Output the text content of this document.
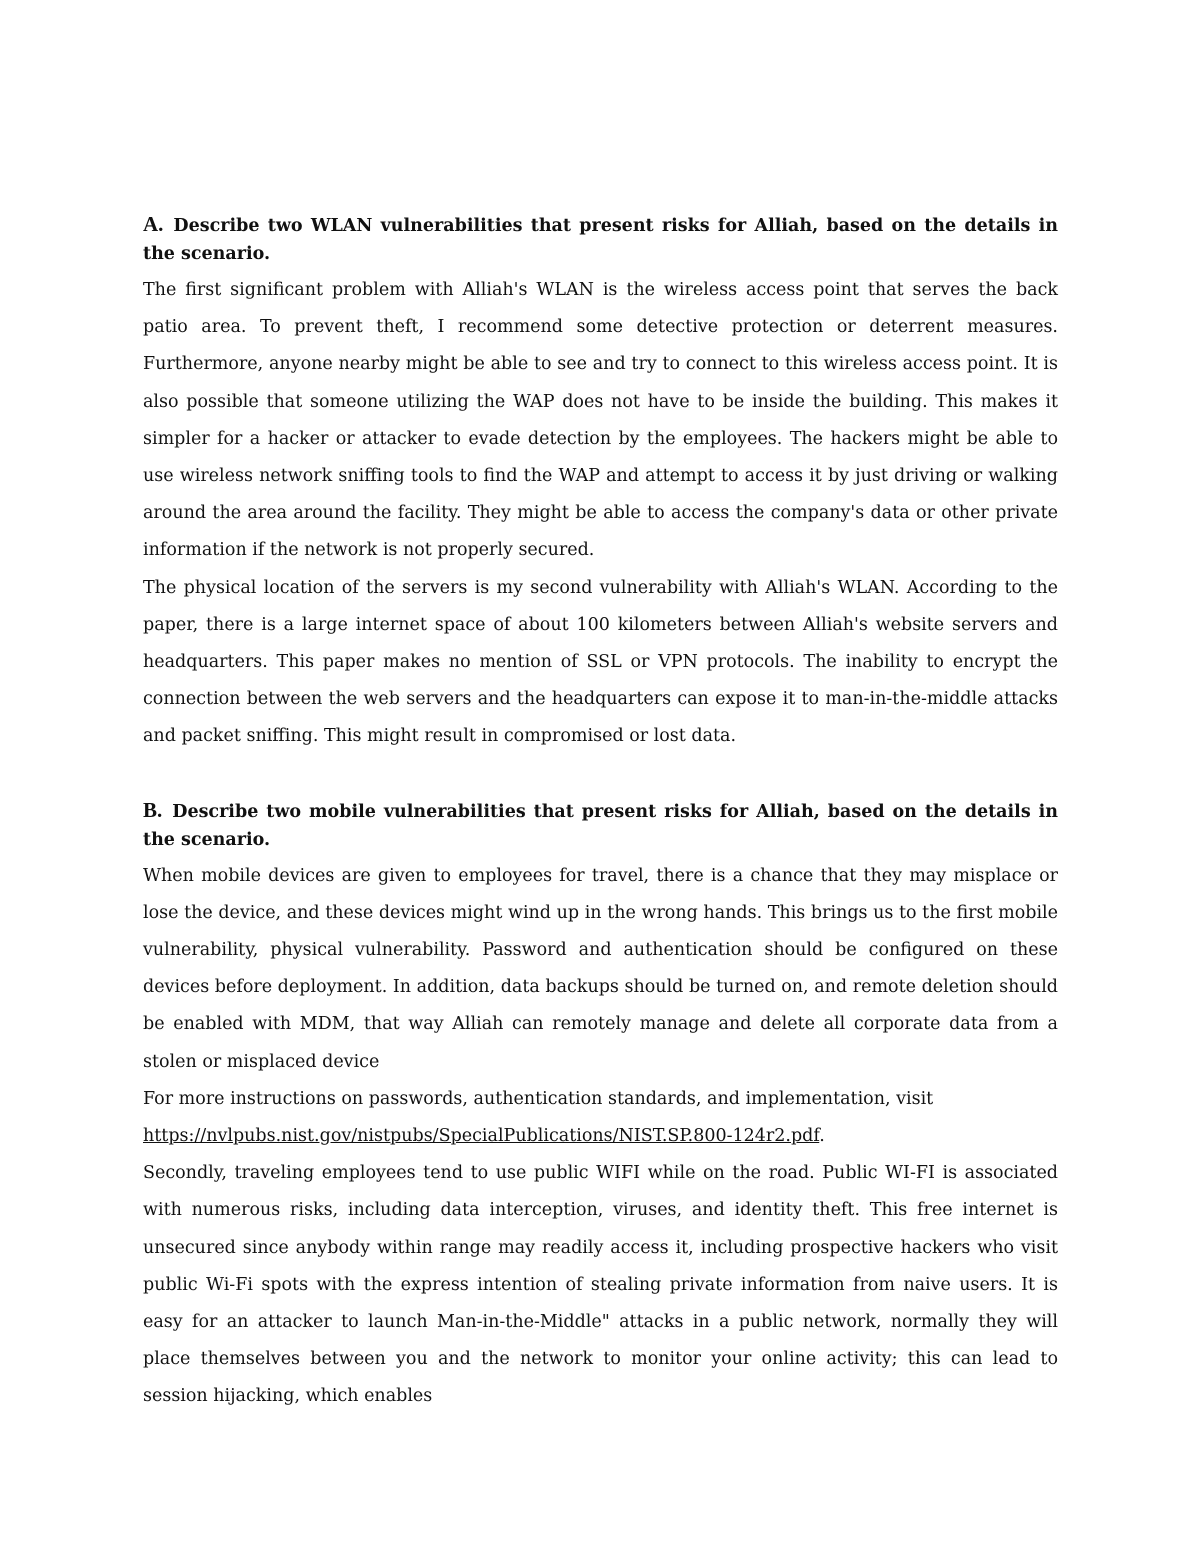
A. Describe two WLAN vulnerabilities that present risks for Alliah, based on the details in the scenario.

The first significant problem with Alliah's WLAN is the wireless access point that serves the back patio area. To prevent theft, I recommend some detective protection or deterrent measures. Furthermore, anyone nearby might be able to see and try to connect to this wireless access point. It is also possible that someone utilizing the WAP does not have to be inside the building. This makes it simpler for a hacker or attacker to evade detection by the employees. The hackers might be able to use wireless network sniffing tools to find the WAP and attempt to access it by just driving or walking around the area around the facility. They might be able to access the company's data or other private information if the network is not properly secured.

The physical location of the servers is my second vulnerability with Alliah's WLAN. According to the paper, there is a large internet space of about 100 kilometers between Alliah's website servers and headquarters. This paper makes no mention of SSL or VPN protocols. The inability to encrypt the connection between the web servers and the headquarters can expose it to man-in-the-middle attacks and packet sniffing. This might result in compromised or lost data.

B. Describe two mobile vulnerabilities that present risks for Alliah, based on the details in the scenario.

When mobile devices are given to employees for travel, there is a chance that they may misplace or lose the device, and these devices might wind up in the wrong hands. This brings us to the first mobile vulnerability, physical vulnerability. Password and authentication should be configured on these devices before deployment. In addition, data backups should be turned on, and remote deletion should be enabled with MDM, that way Alliah can remotely manage and delete all corporate data from a stolen or misplaced device

For more instructions on passwords, authentication standards, and implementation, visit

https://nvlpubs.nist.gov/nistpubs/SpecialPublications/NIST.SP.800-124r2.pdf.

Secondly, traveling employees tend to use public WIFI while on the road. Public WI-FI is associated with numerous risks, including data interception, viruses, and identity theft. This free internet is unsecured since anybody within range may readily access it, including prospective hackers who visit public Wi-Fi spots with the express intention of stealing private information from naive users. It is easy for an attacker to launch Man-in-the-Middle" attacks in a public network, normally they will place themselves between you and the network to monitor your online activity; this can lead to session hijacking, which enables
